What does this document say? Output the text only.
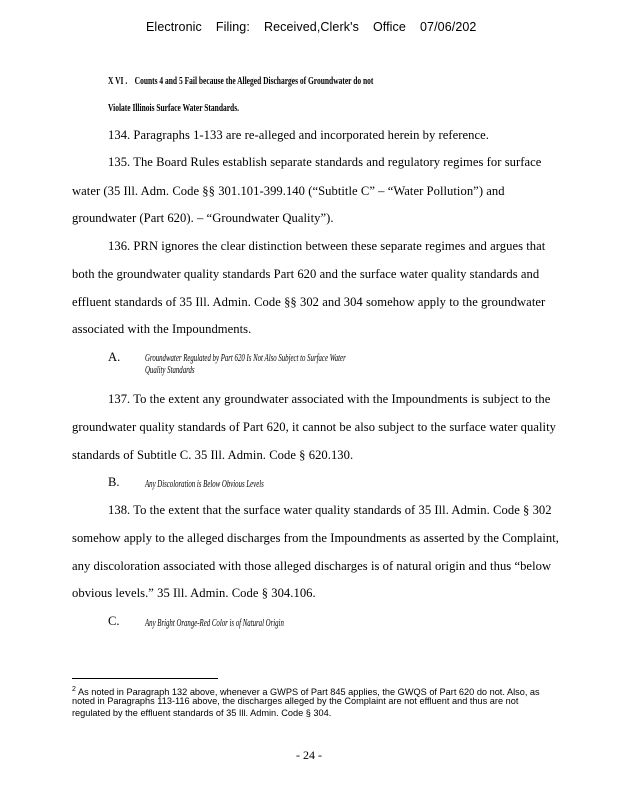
Electronic Filing: Received,Clerk's Office 07/06/202
X VI . Counts 4 and 5 Fail because the Alleged Discharges of Groundwater do not
Violate Illinois Surface Water Standards.
134. Paragraphs 1-133 are re-alleged and incorporated herein by reference.
135. The Board Rules establish separate standards and regulatory regimes for surface
water (35 Ill. Adm. Code §§ 301.101-399.140 (“Subtitle C” – “Water Pollution”) and
groundwater (Part 620). – “Groundwater Quality”).
136. PRN ignores the clear distinction between these separate regimes and argues that
both the groundwater quality standards Part 620 and the surface water quality standards and
effluent standards of 35 Ill. Admin. Code §§ 302 and 304 somehow apply to the groundwater
associated with the Impoundments.
A. Groundwater Regulated by Part 620 Is Not Also Subject to Surface Water
Quality Standards
137. To the extent any groundwater associated with the Impoundments is subject to the
groundwater quality standards of Part 620, it cannot be also subject to the surface water quality
standards of Subtitle C. 35 Ill. Admin. Code § 620.130.
B. Any Discoloration is Below Obvious Levels
138. To the extent that the surface water quality standards of 35 Ill. Admin. Code § 302
somehow apply to the alleged discharges from the Impoundments as asserted by the Complaint,
any discoloration associated with those alleged discharges is of natural origin and thus “below
obvious levels.” 35 Ill. Admin. Code § 304.106.
C. Any Bright Orange-Red Color is of Natural Origin
$^2$ As noted in Paragraph 132 above, whenever a GWPS of Part 845 applies, the GWQS of Part 620 do not. Also, as
noted in Paragraphs 113-116 above, the discharges alleged by the Complaint are not effluent and thus are not
regulated by the effluent standards of 35 Ill. Admin. Code § 304.
- 24 -
